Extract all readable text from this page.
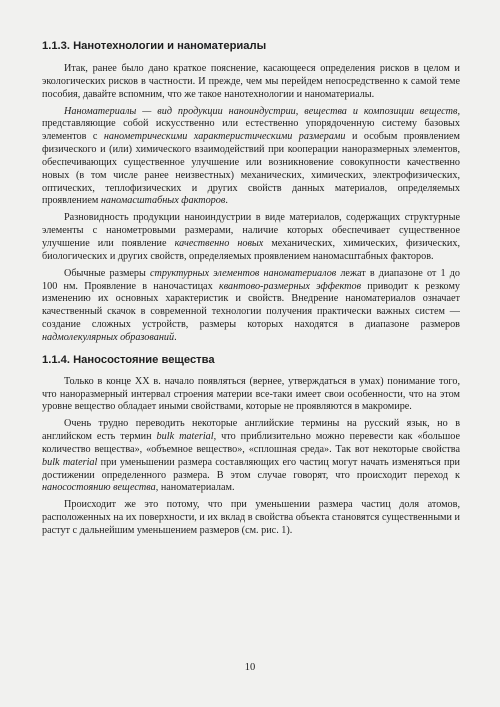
1.1.3. Нанотехнологии и наноматериалы

Итак, ранее было дано краткое пояснение, касающееся определения рисков в целом и экологических рисков в частности. И прежде, чем мы перейдем непосредственно к самой теме пособия, давайте вспомним, что же такое нанотехнологии и наноматериалы.

Наноматериалы — вид продукции наноиндустрии, вещества и композиции веществ, представляющие собой искусственно или естественно упорядоченную систему базовых элементов с нанометрическими характеристическими размерами и особым проявлением физического и (или) химического взаимодействий при кооперации наноразмерных элементов, обеспечивающих существенное улучшение или возникновение совокупности качественно новых (в том числе ранее неизвестных) механических, химических, электрофизических, оптических, теплофизических и других свойств данных материалов, определяемых проявлением наномасштабных факторов.

Разновидность продукции наноиндустрии в виде материалов, содержащих структурные элементы с нанометровыми размерами, наличие которых обеспечивает существенное улучшение или появление качественно новых механических, химических, физических, биологических и других свойств, определяемых проявлением наномасштабных факторов.

Обычные размеры структурных элементов наноматериалов лежат в диапазоне от 1 до 100 нм. Проявление в наночастицах квантово-размерных эффектов приводит к резкому изменению их основных характеристик и свойств. Внедрение наноматериалов означает качественный скачок в современной технологии получения практически важных систем — создание сложных устройств, размеры которых находятся в диапазоне размеров надмолекулярных образований.

1.1.4. Наносостояние вещества

Только в конце XX в. начало появляться (вернее, утверждаться в умах) понимание того, что наноразмерный интервал строения материи все-таки имеет свои особенности, что на этом уровне вещество обладает иными свойствами, которые не проявляются в макромире.

Очень трудно переводить некоторые английские термины на русский язык, но в английском есть термин bulk material, что приблизительно можно перевести как «большое количество вещества», «объемное вещество», «сплошная среда». Так вот некоторые свойства bulk material при уменьшении размера составляющих его частиц могут начать изменяться при достижении определенного размера. В этом случае говорят, что происходит переход к наносостоянию вещества, наноматериалам.

Происходит же это потому, что при уменьшении размера частиц доля атомов, расположенных на их поверхности, и их вклад в свойства объекта становятся существенными и растут с дальнейшим уменьшением размеров (см. рис. 1).

10
